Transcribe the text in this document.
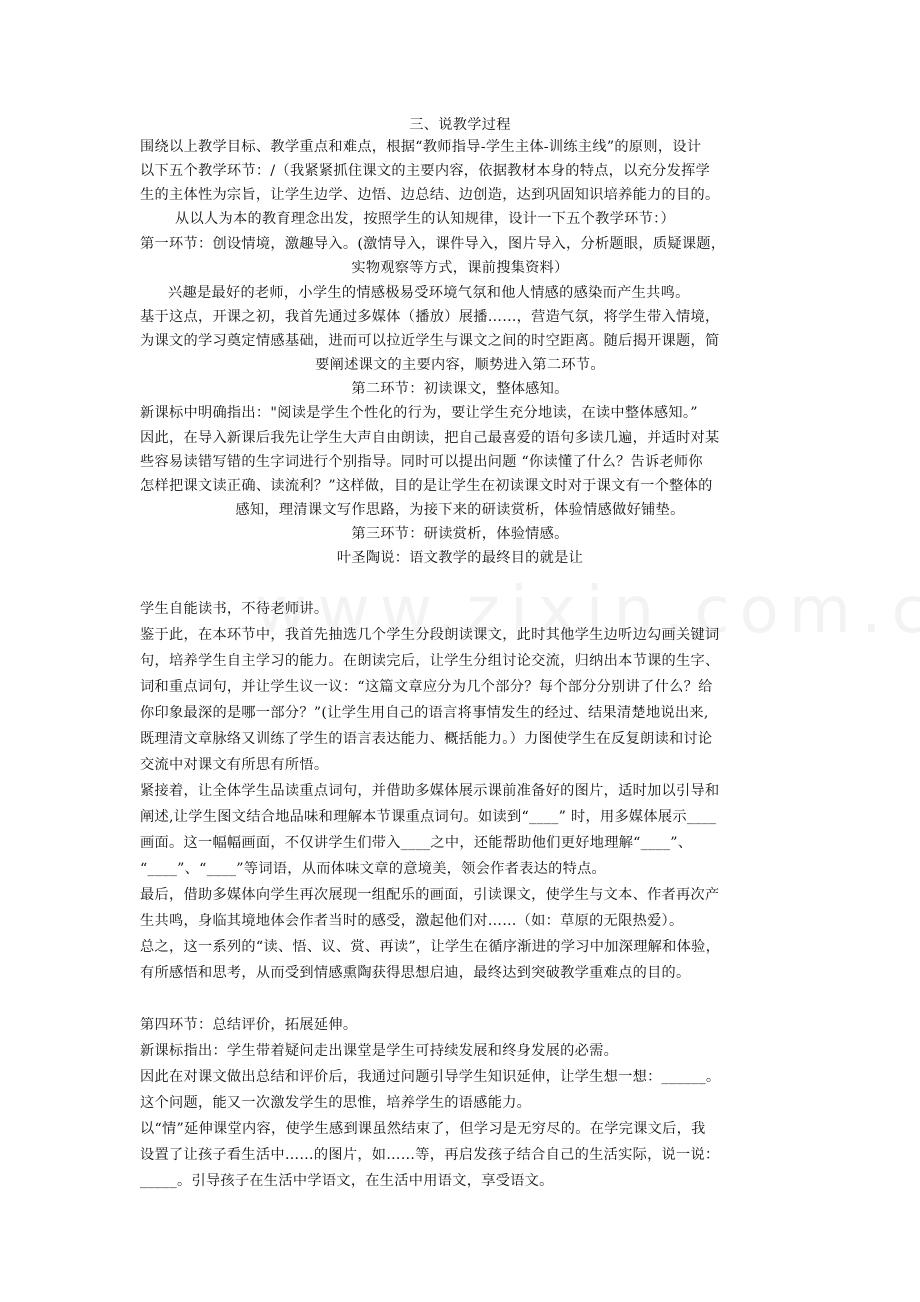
三、说教学过程
围绕以上教学目标、教学重点和难点，根据“教师指导-学生主体-训练主线”的原则，设计
以下五个教学环节：/（我紧紧抓住课文的主要内容，依据教材本身的特点，以充分发挥学
生的主体性为宗旨，让学生边学、边悟、边总结、边创造，达到巩固知识培养能力的目的。
从以人为本的教育理念出发，按照学生的认知规律，设计一下五个教学环节：）
第一环节：创设情境，激趣导入。(激情导入，课件导入，图片导入，分析题眼，质疑课题，
实物观察等方式，课前搜集资料）
兴趣是最好的老师，小学生的情感极易受环境气氛和他人情感的感染而产生共鸣。
基于这点，开课之初，我首先通过多媒体（播放）展播……，营造气氛，将学生带入情境，
为课文的学习奠定情感基础，进而可以拉近学生与课文之间的时空距离。随后揭开课题，简
要阐述课文的主要内容，顺势进入第二环节。
第二环节：初读课文，整体感知。
新课标中明确指出："阅读是学生个性化的行为，要让学生充分地读，在读中整体感知。”
因此，在导入新课后我先让学生大声自由朗读，把自己最喜爱的语句多读几遍，并适时对某
些容易读错写错的生字词进行个别指导。同时可以提出问题 “你读懂了什么？告诉老师你
怎样把课文读正确、读流利？”这样做，目的是让学生在初读课文时对于课文有一个整体的
感知，理清课文写作思路，为接下来的研读赏析，体验情感做好铺垫。
第三环节：研读赏析，体验情感。
叶圣陶说：语文教学的最终目的就是让
学生自能读书，不待老师讲。
鉴于此，在本环节中，我首先抽选几个学生分段朗读课文，此时其他学生边听边勾画关键词
句，培养学生自主学习的能力。在朗读完后，让学生分组讨论交流，归纳出本节课的生字、
词和重点词句，并让学生议一议：“这篇文章应分为几个部分？每个部分分别讲了什么？给
你印象最深的是哪一部分？”(让学生用自己的语言将事情发生的经过、结果清楚地说出来,
既理清文章脉络又训练了学生的语言表达能力、概括能力。）力图使学生在反复朗读和讨论
交流中对课文有所思有所悟。
紧接着，让全体学生品读重点词句，并借助多媒体展示课前准备好的图片，适时加以引导和
阐述,让学生图文结合地品味和理解本节课重点词句。如读到“____” 时，用多媒体展示____
画面。这一幅幅画面，不仅讲学生们带入____之中，还能帮助他们更好地理解“____”、
“____”、“____”等词语，从而体味文章的意境美，领会作者表达的特点。
最后，借助多媒体向学生再次展现一组配乐的画面，引读课文，使学生与文本、作者再次产
生共鸣，身临其境地体会作者当时的感受，激起他们对……（如：草原的无限热爱）。
总之，这一系列的“读、悟、议、赏、再读”，让学生在循序渐进的学习中加深理解和体验，
有所感悟和思考，从而受到情感熏陶获得思想启迪，最终达到突破教学重难点的目的。
第四环节：总结评价，拓展延伸。
新课标指出：学生带着疑问走出课堂是学生可持续发展和终身发展的必需。
因此在对课文做出总结和评价后，我通过问题引导学生知识延伸，让学生想一想：______。
这个问题，能又一次激发学生的思惟，培养学生的语感能力。
以“情”延伸课堂内容，使学生感到课虽然结束了，但学习是无穷尽的。在学完课文后，我
设置了让孩子看生活中……的图片，如……等，再启发孩子结合自己的生活实际，说一说：
_____。引导孩子在生活中学语文，在生活中用语文，享受语文。
